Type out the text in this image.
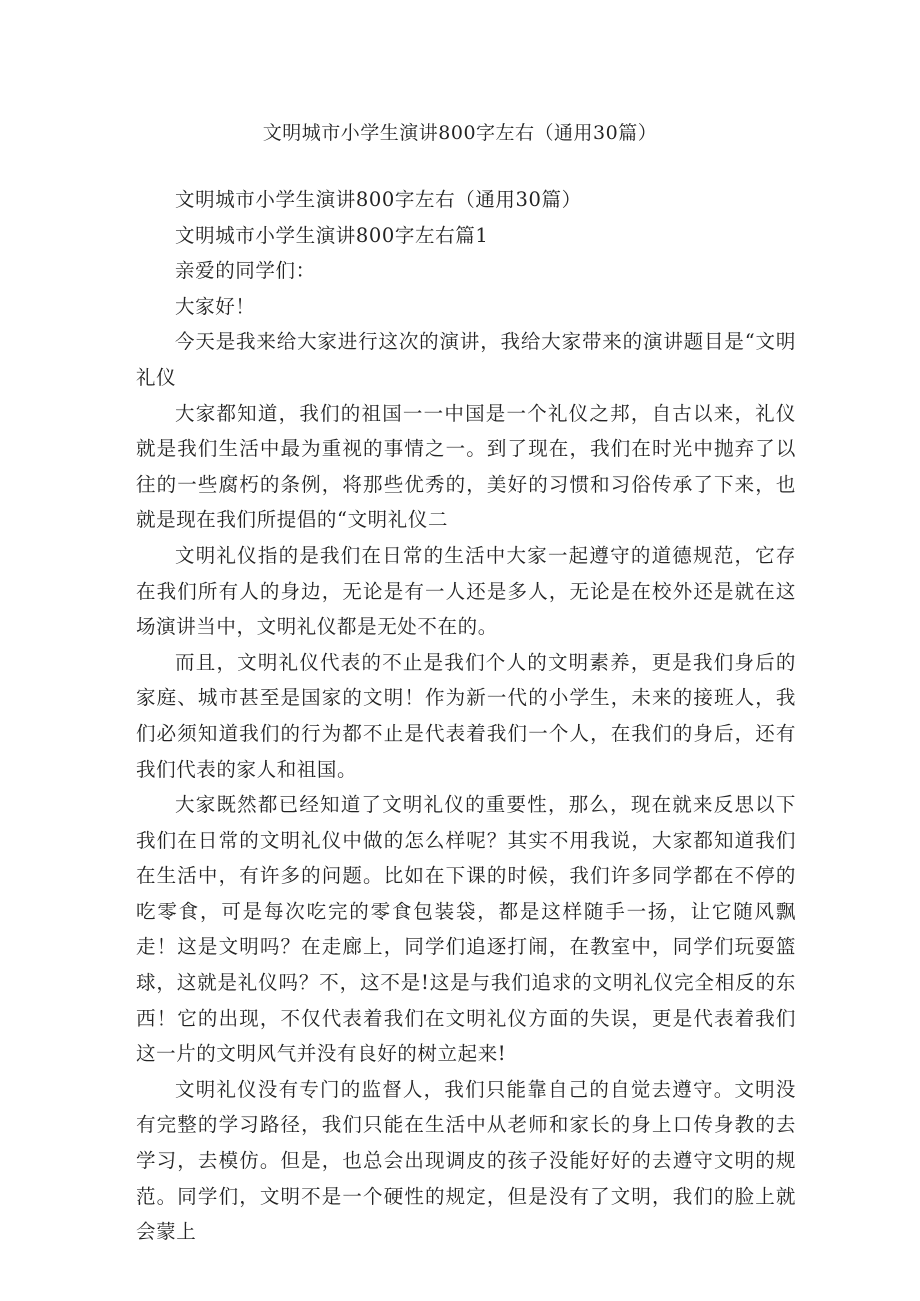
文明城市小学生演讲800字左右（通用30篇）

文明城市小学生演讲800字左右（通用30篇）

文明城市小学生演讲800字左右篇1

亲爱的同学们：

大家好！

今天是我来给大家进行这次的演讲，我给大家带来的演讲题目是“文明礼仪

大家都知道，我们的祖国一一中国是一个礼仪之邦，自古以来，礼仪就是我们生活中最为重视的事情之一。到了现在，我们在时光中抛弃了以往的一些腐朽的条例，将那些优秀的，美好的习惯和习俗传承了下来，也就是现在我们所提倡的“文明礼仪二

文明礼仪指的是我们在日常的生活中大家一起遵守的道德规范，它存在我们所有人的身边，无论是有一人还是多人，无论是在校外还是就在这场演讲当中，文明礼仪都是无处不在的。

而且，文明礼仪代表的不止是我们个人的文明素养，更是我们身后的家庭、城市甚至是国家的文明！作为新一代的小学生，未来的接班人，我们必须知道我们的行为都不止是代表着我们一个人，在我们的身后，还有我们代表的家人和祖国。

大家既然都已经知道了文明礼仪的重要性，那么，现在就来反思以下我们在日常的文明礼仪中做的怎么样呢？其实不用我说，大家都知道我们在生活中，有许多的问题。比如在下课的时候，我们许多同学都在不停的吃零食，可是每次吃完的零食包装袋，都是这样随手一扬，让它随风飘走！这是文明吗？在走廊上，同学们追逐打闹，在教室中，同学们玩耍篮球，这就是礼仪吗？不，这不是!这是与我们追求的文明礼仪完全相反的东西！它的出现，不仅代表着我们在文明礼仪方面的失误，更是代表着我们这一片的文明风气并没有良好的树立起来!

文明礼仪没有专门的监督人，我们只能靠自己的自觉去遵守。文明没有完整的学习路径，我们只能在生活中从老师和家长的身上口传身教的去学习，去模仿。但是，也总会出现调皮的孩子没能好好的去遵守文明的规范。同学们，文明不是一个硬性的规定，但是没有了文明，我们的脸上就会蒙上
